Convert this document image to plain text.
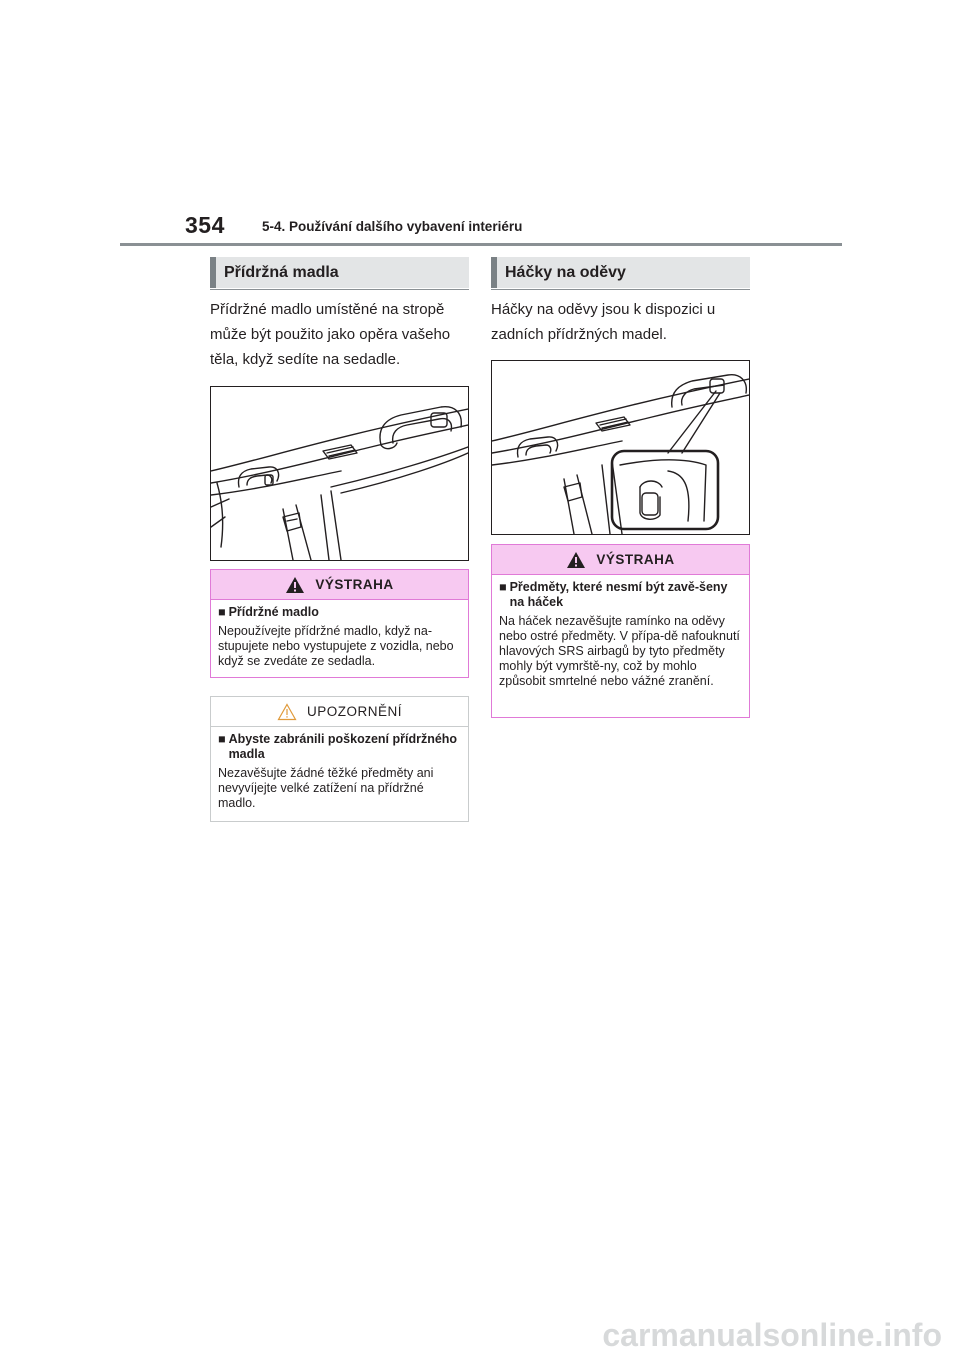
354	5-4. Používání dalšího vybavení interiéru
Přídržná madla

Přídržné madlo umístěné na stropě může být použito jako opěra vašeho těla, když sedíte na sedadle.

VÝSTRAHA
■ Přídržné madlo
Nepoužívejte přídržné madlo, když na-stupujete nebo vystupujete z vozidla, nebo když se zvedáte ze sedadla.
UPOZORNĚNÍ
■ Abyste zabránili poškození přídržného madla
Nezavěšujte žádné těžké předměty ani nevyvíjejte velké zatížení na přídržné madlo.
Háčky na oděvy

Háčky na oděvy jsou k dispozici u zadních přídržných madel.

VÝSTRAHA
■ Předměty, které nesmí být zavě-šeny na háček
Na háček nezavěšujte ramínko na oděvy nebo ostré předměty. V přípa-dě nafouknutí hlavových SRS airbagů by tyto předměty mohly být vymrště-ny, což by mohlo způsobit smrtelné nebo vážné zranění.
carmanualsonline.info
